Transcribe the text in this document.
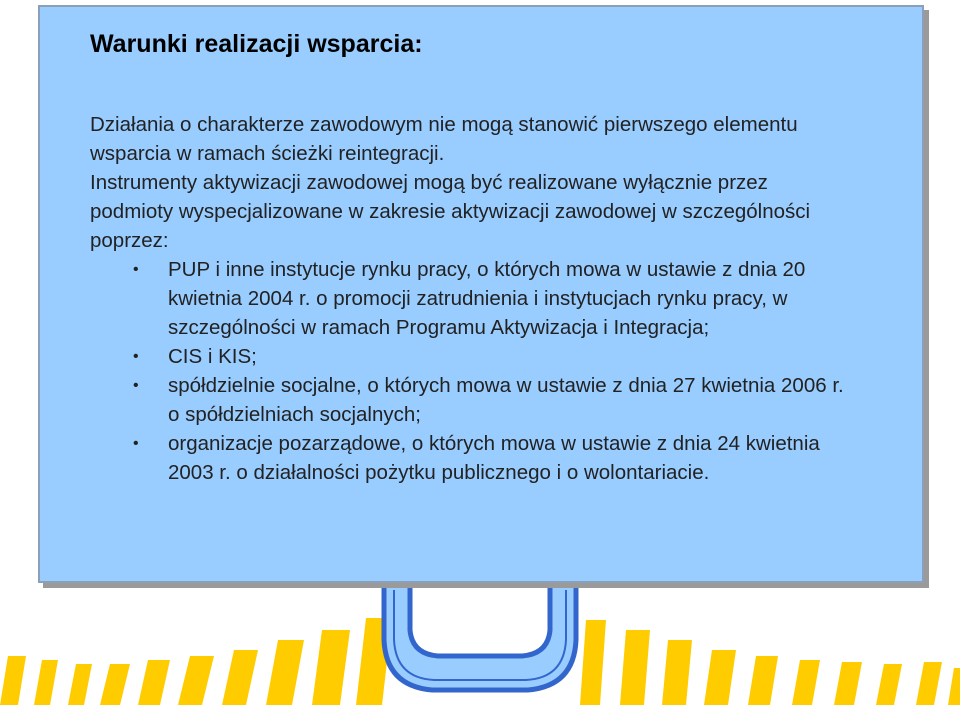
Warunki realizacji wsparcia:

Działania o charakterze zawodowym nie mogą stanowić pierwszego elementu wsparcia w ramach ścieżki reintegracji.

Instrumenty aktywizacji zawodowej mogą być realizowane wyłącznie przez podmioty wyspecjalizowane w zakresie aktywizacji zawodowej w szczególności poprzez:

• PUP i inne instytucje rynku pracy, o których mowa w ustawie z dnia 20 kwietnia 2004 r. o promocji zatrudnienia i instytucjach rynku pracy, w szczególności w ramach Programu Aktywizacja i Integracja;
• CIS i KIS;
• spółdzielnie socjalne, o których mowa w ustawie z dnia 27 kwietnia 2006 r. o spółdzielniach socjalnych;
• organizacje pozarządowe, o których mowa w ustawie z dnia 24 kwietnia 2003 r. o działalności pożytku publicznego i o wolontariacie.
